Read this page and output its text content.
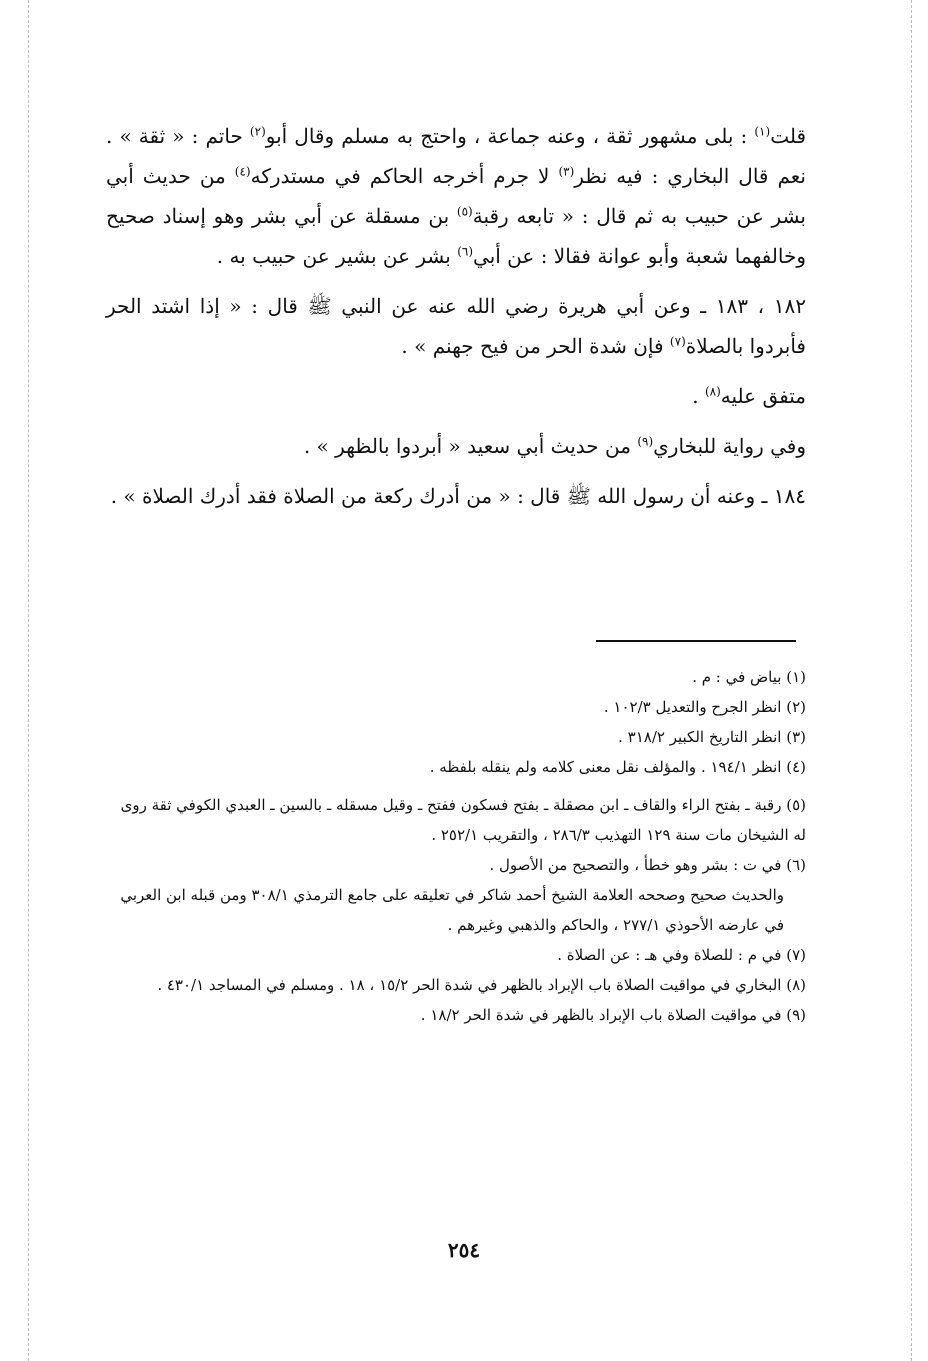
قلت$^{(١)}$ : بلى مشهور ثقة ، وعنه جماعة ، واحتج به مسلم وقال أبو$^{(٢)}$ حاتم : « ثقة » . نعم قال البخاري : فيه نظر$^{(٣)}$ لا جرم أخرجه الحاكم في مستدركه$^{(٤)}$ من حديث أبي بشر عن حبيب به ثم قال : « تابعه رقبة$^{(٥)}$ بن مسقلة عن أبي بشر وهو إسناد صحيح وخالفهما شعبة وأبو عوانة فقالا : عن أبي$^{(٦)}$ بشر عن بشير عن حبيب به .

١٨٢ ، ١٨٣ ـ وعن أبي هريرة رضي الله عنه عن النبي ﷺ قال : « إذا اشتد الحر فأبردوا بالصلاة$^{(٧)}$ فإن شدة الحر من فيح جهنم » .

متفق عليه$^{(٨)}$ .

وفي رواية للبخاري$^{(٩)}$ من حديث أبي سعيد « أبردوا بالظهر » .

١٨٤ ـ وعنه أن رسول الله ﷺ قال : « من أدرك ركعة من الصلاة فقد أدرك الصلاة » .

(١) بياض في : م .

(٢) انظر الجرح والتعديل ١٠٢/٣ .

(٣) انظر التاريخ الكبير ٣١٨/٢ .

(٤) انظر ١٩٤/١ . والمؤلف نقل معنى كلامه ولم ينقله بلفظه .

(٥) رقبة ـ بفتح الراء والقاف ـ ابن مصقلة ـ بفتح فسكون ففتح ـ وقيل مسقله ـ بالسين ـ العبدي الكوفي ثقة روى له الشيخان مات سنة ١٢٩ التهذيب ٢٨٦/٣ ، والتقريب ٢٥٢/١ .

(٦) في ت : بشر وهو خطأ ، والتصحيح من الأصول .

والحديث صحيح وصححه العلامة الشيخ أحمد شاكر في تعليقه على جامع الترمذي ٣٠٨/١ ومن قبله ابن العربي في عارضه الأحوذي ٢٧٧/١ ، والحاكم والذهبي وغيرهم .

(٧) في م : للصلاة وفي هـ : عن الصلاة .

(٨) البخاري في مواقيت الصلاة باب الإبراد بالظهر في شدة الحر ١٥/٢ ، ١٨ . ومسلم في المساجد ٤٣٠/١ .

(٩) في مواقيت الصلاة باب الإبراد بالظهر في شدة الحر ١٨/٢ .

٢٥٤
